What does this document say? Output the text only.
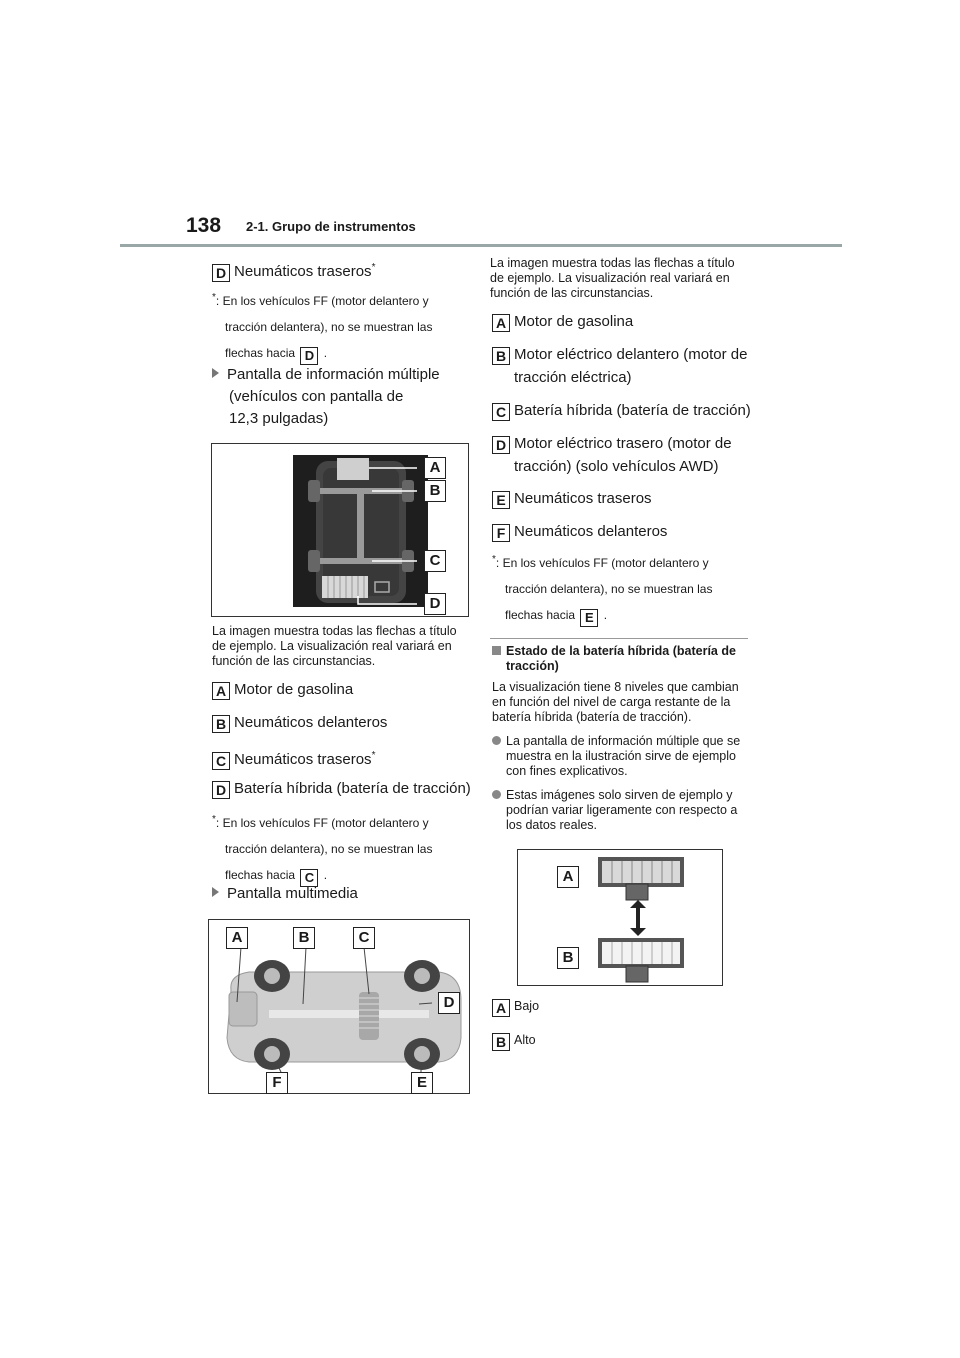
138 2-1. Grupo de instrumentos
D Neumáticos traseros*
*: En los vehículos FF (motor delantero y
tracción delantera), no se muestran las
flechas hacia D .
Pantalla de información múltiple
(vehículos con pantalla de
12,3 pulgadas)
A
B
C
D
La imagen muestra todas las flechas a título
de ejemplo. La visualización real variará en
función de las circunstancias.
A Motor de gasolina
B Neumáticos delanteros
C Neumáticos traseros*
D Batería híbrida (batería de tracción)
*: En los vehículos FF (motor delantero y
tracción delantera), no se muestran las
flechas hacia C .
Pantalla multimedia
A	B	C
D
F	E
La imagen muestra todas las flechas a título
de ejemplo. La visualización real variará en
función de las circunstancias.
A Motor de gasolina
B Motor eléctrico delantero (motor de
tracción eléctrica)
C Batería híbrida (batería de tracción)
D Motor eléctrico trasero (motor de
tracción) (solo vehículos AWD)
E Neumáticos traseros
F Neumáticos delanteros
*: En los vehículos FF (motor delantero y
tracción delantera), no se muestran las
flechas hacia E .
Estado de la batería híbrida (batería de
tracción)
La visualización tiene 8 niveles que cambian
en función del nivel de carga restante de la
batería híbrida (batería de tracción).
La pantalla de información múltiple que se
muestra en la ilustración sirve de ejemplo
con fines explicativos.
Estas imágenes solo sirven de ejemplo y
podrían variar ligeramente con respecto a
los datos reales.
A
B
A Bajo
B Alto
